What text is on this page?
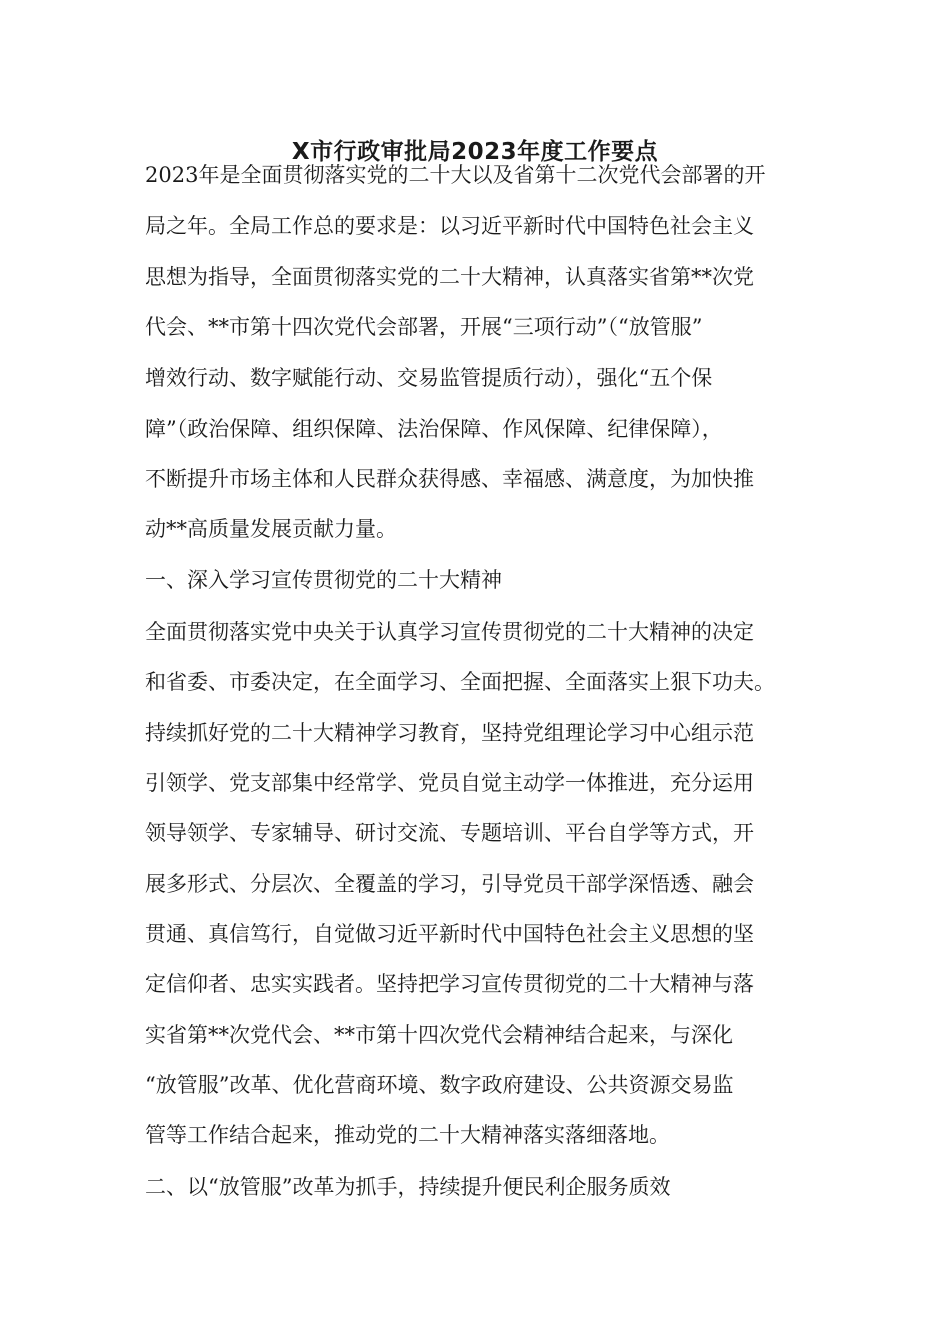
X市行政审批局2023年度工作要点

2023年是全面贯彻落实党的二十大以及省第十二次党代会部署的开

局之年。全局工作总的要求是：以习近平新时代中国特色社会主义

思想为指导，全面贯彻落实党的二十大精神，认真落实省第**次党

代会、**市第十四次党代会部署，开展“三项行动”（“放管服”

增效行动、数字赋能行动、交易监管提质行动），强化“五个保

障”（政治保障、组织保障、法治保障、作风保障、纪律保障），

不断提升市场主体和人民群众获得感、幸福感、满意度，为加快推

动**高质量发展贡献力量。

一、深入学习宣传贯彻党的二十大精神

全面贯彻落实党中央关于认真学习宣传贯彻党的二十大精神的决定

和省委、市委决定，在全面学习、全面把握、全面落实上狠下功夫。

持续抓好党的二十大精神学习教育，坚持党组理论学习中心组示范

引领学、党支部集中经常学、党员自觉主动学一体推进，充分运用

领导领学、专家辅导、研讨交流、专题培训、平台自学等方式，开

展多形式、分层次、全覆盖的学习，引导党员干部学深悟透、融会

贯通、真信笃行，自觉做习近平新时代中国特色社会主义思想的坚

定信仰者、忠实实践者。坚持把学习宣传贯彻党的二十大精神与落

实省第**次党代会、**市第十四次党代会精神结合起来，与深化

“放管服”改革、优化营商环境、数字政府建设、公共资源交易监

管等工作结合起来，推动党的二十大精神落实落细落地。

二、以“放管服”改革为抓手，持续提升便民利企服务质效
